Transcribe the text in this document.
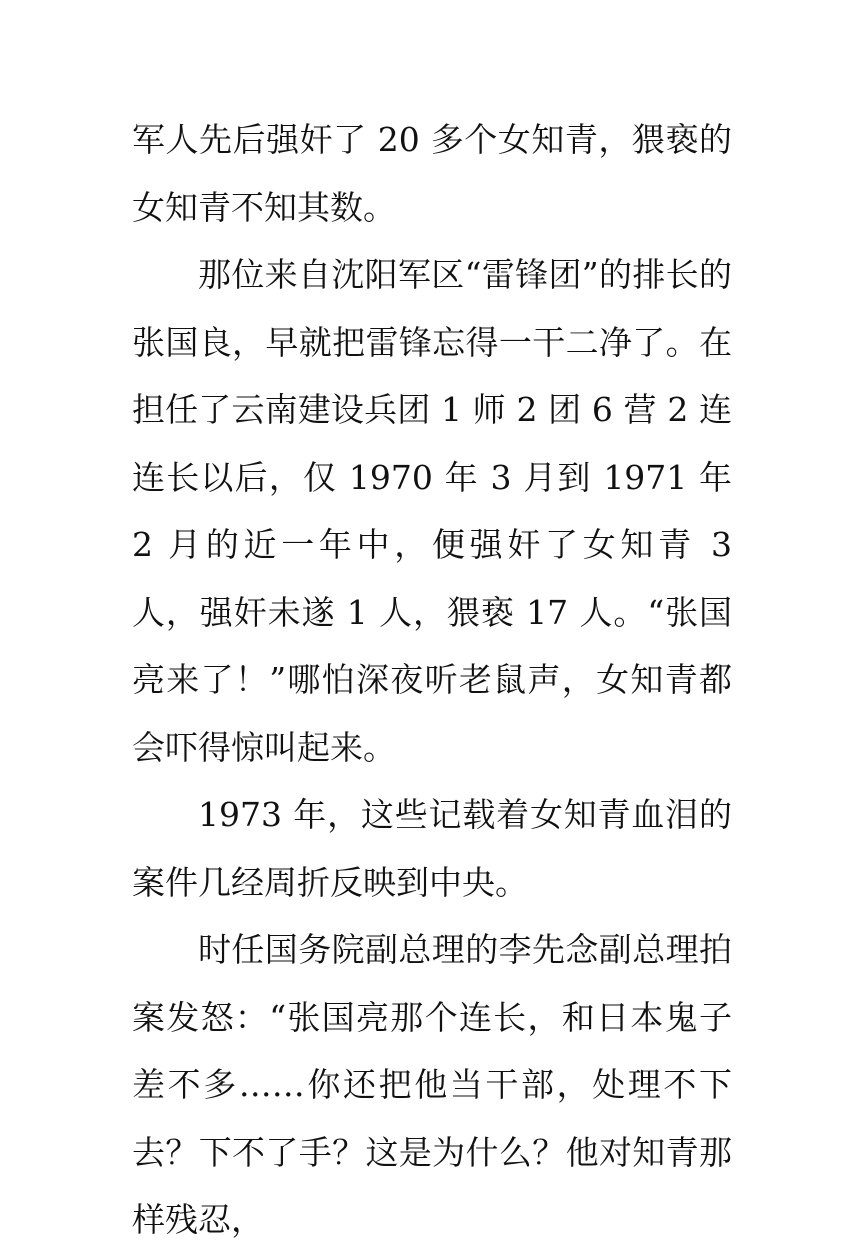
军人先后强奸了 20 多个女知青，猥亵的女知青不知其数。

那位来自沈阳军区“雷锋团”的排长的张国良，早就把雷锋忘得一干二净了。在担任了云南建设兵团 1 师 2 团 6 营 2 连连长以后，仅 1970 年 3 月到 1971 年 2 月的近一年中，便强奸了女知青 3 人，强奸未遂 1 人，猥亵 17 人。“张国亮来了！”哪怕深夜听老鼠声，女知青都会吓得惊叫起来。

1973 年，这些记载着女知青血泪的案件几经周折反映到中央。

时任国务院副总理的李先念副总理拍案发怒：“张国亮那个连长，和日本鬼子差不多……你还把他当干部，处理不下去？下不了手？这是为什么？他对知青那样残忍，
